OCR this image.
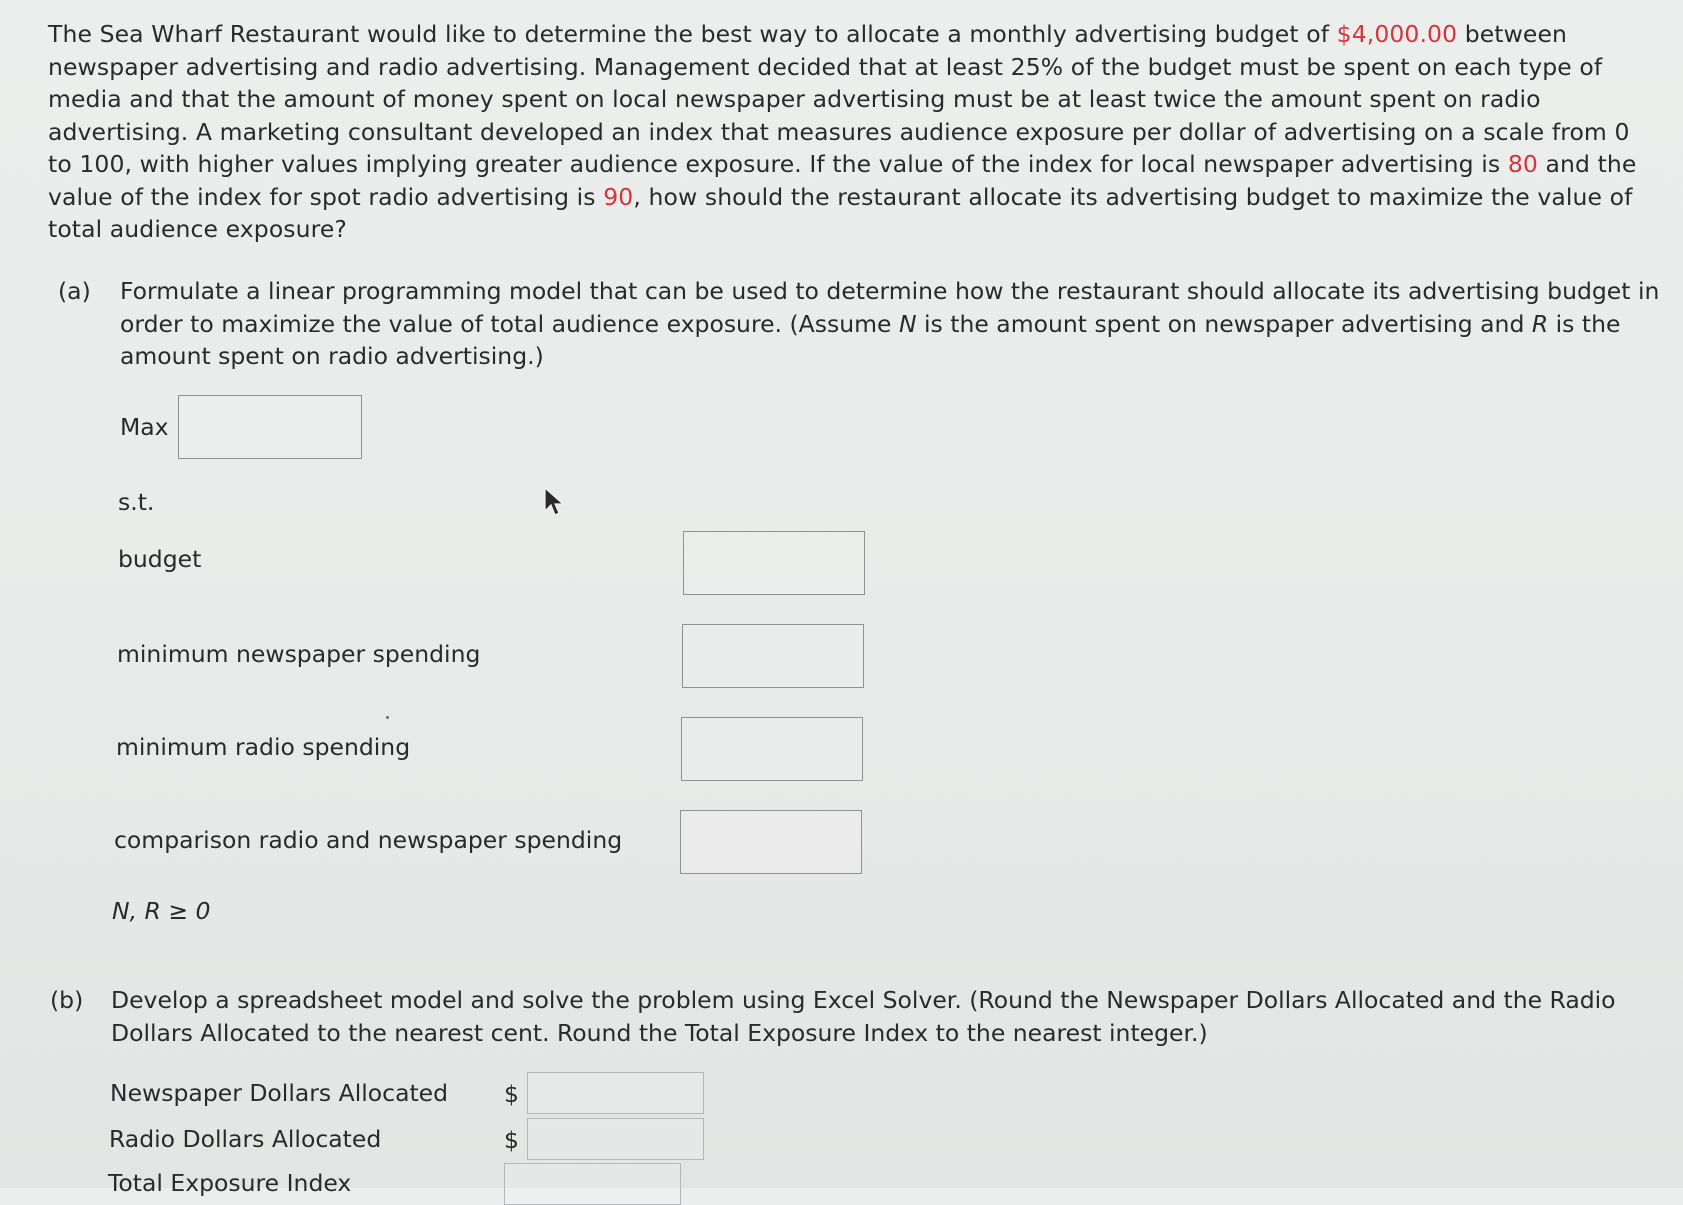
The Sea Wharf Restaurant would like to determine the best way to allocate a monthly advertising budget of $4,000.00 between newspaper advertising and radio advertising. Management decided that at least 25% of the budget must be spent on each type of media and that the amount of money spent on local newspaper advertising must be at least twice the amount spent on radio advertising. A marketing consultant developed an index that measures audience exposure per dollar of advertising on a scale from 0 to 100, with higher values implying greater audience exposure. If the value of the index for local newspaper advertising is 80 and the value of the index for spot radio advertising is 90, how should the restaurant allocate its advertising budget to maximize the value of total audience exposure?
(a) Formulate a linear programming model that can be used to determine how the restaurant should allocate its advertising budget in order to maximize the value of total audience exposure. (Assume N is the amount spent on newspaper advertising and R is the amount spent on radio advertising.)
Max
s.t.
budget
minimum newspaper spending
minimum radio spending
comparison radio and newspaper spending
N, R ≥ 0
(b) Develop a spreadsheet model and solve the problem using Excel Solver. (Round the Newspaper Dollars Allocated and the Radio Dollars Allocated to the nearest cent. Round the Total Exposure Index to the nearest integer.)
Newspaper Dollars Allocated $
Radio Dollars Allocated	$
Total Exposure Index
